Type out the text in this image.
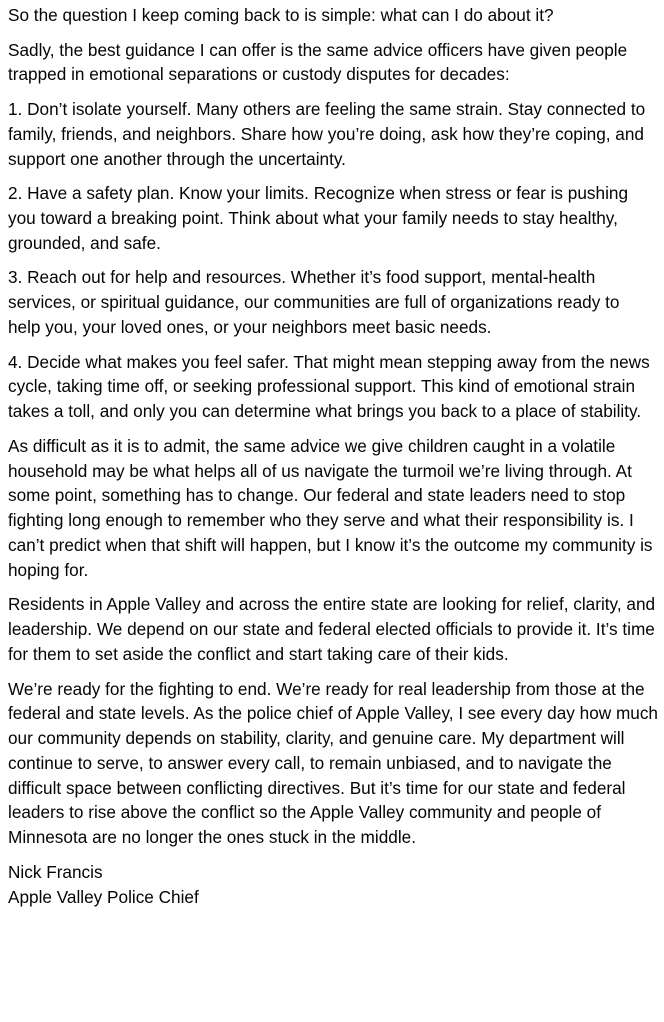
So the question I keep coming back to is simple: what can I do about it?

Sadly, the best guidance I can offer is the same advice officers have given people trapped in emotional separations or custody disputes for decades:

1. Don’t isolate yourself. Many others are feeling the same strain. Stay connected to family, friends, and neighbors. Share how you’re doing, ask how they’re coping, and support one another through the uncertainty.

2. Have a safety plan. Know your limits. Recognize when stress or fear is pushing you toward a breaking point. Think about what your family needs to stay healthy, grounded, and safe.

3. Reach out for help and resources. Whether it’s food support, mental-health services, or spiritual guidance, our communities are full of organizations ready to

help you, your loved ones, or your neighbors meet basic needs.

4. Decide what makes you feel safer. That might mean stepping away from the news cycle, taking time off, or seeking professional support. This kind of emotional strain takes a toll, and only you can determine what brings you back to a place of stability.

As difficult as it is to admit, the same advice we give children caught in a volatile household may be what helps all of us navigate the turmoil we’re living through. At some point, something has to change. Our federal and state leaders need to stop fighting long enough to remember who they serve and what their responsibility is. I can’t predict when that shift will happen, but I know it’s the outcome my community is hoping for.

Residents in Apple Valley and across the entire state are looking for relief, clarity, and leadership. We depend on our state and federal elected officials to provide it. It’s time for them to set aside the conflict and start taking care of their kids.

We’re ready for the fighting to end. We’re ready for real leadership from those at the federal and state levels. As the police chief of Apple Valley, I see every day how much our community depends on stability, clarity, and genuine care. My department will continue to serve, to answer every call, to remain unbiased, and to navigate the difficult space between conflicting directives. But it’s time for our state and federal leaders to rise above the conflict so the Apple Valley community and people of Minnesota are no longer the ones stuck in the middle.

Nick Francis
Apple Valley Police Chief
